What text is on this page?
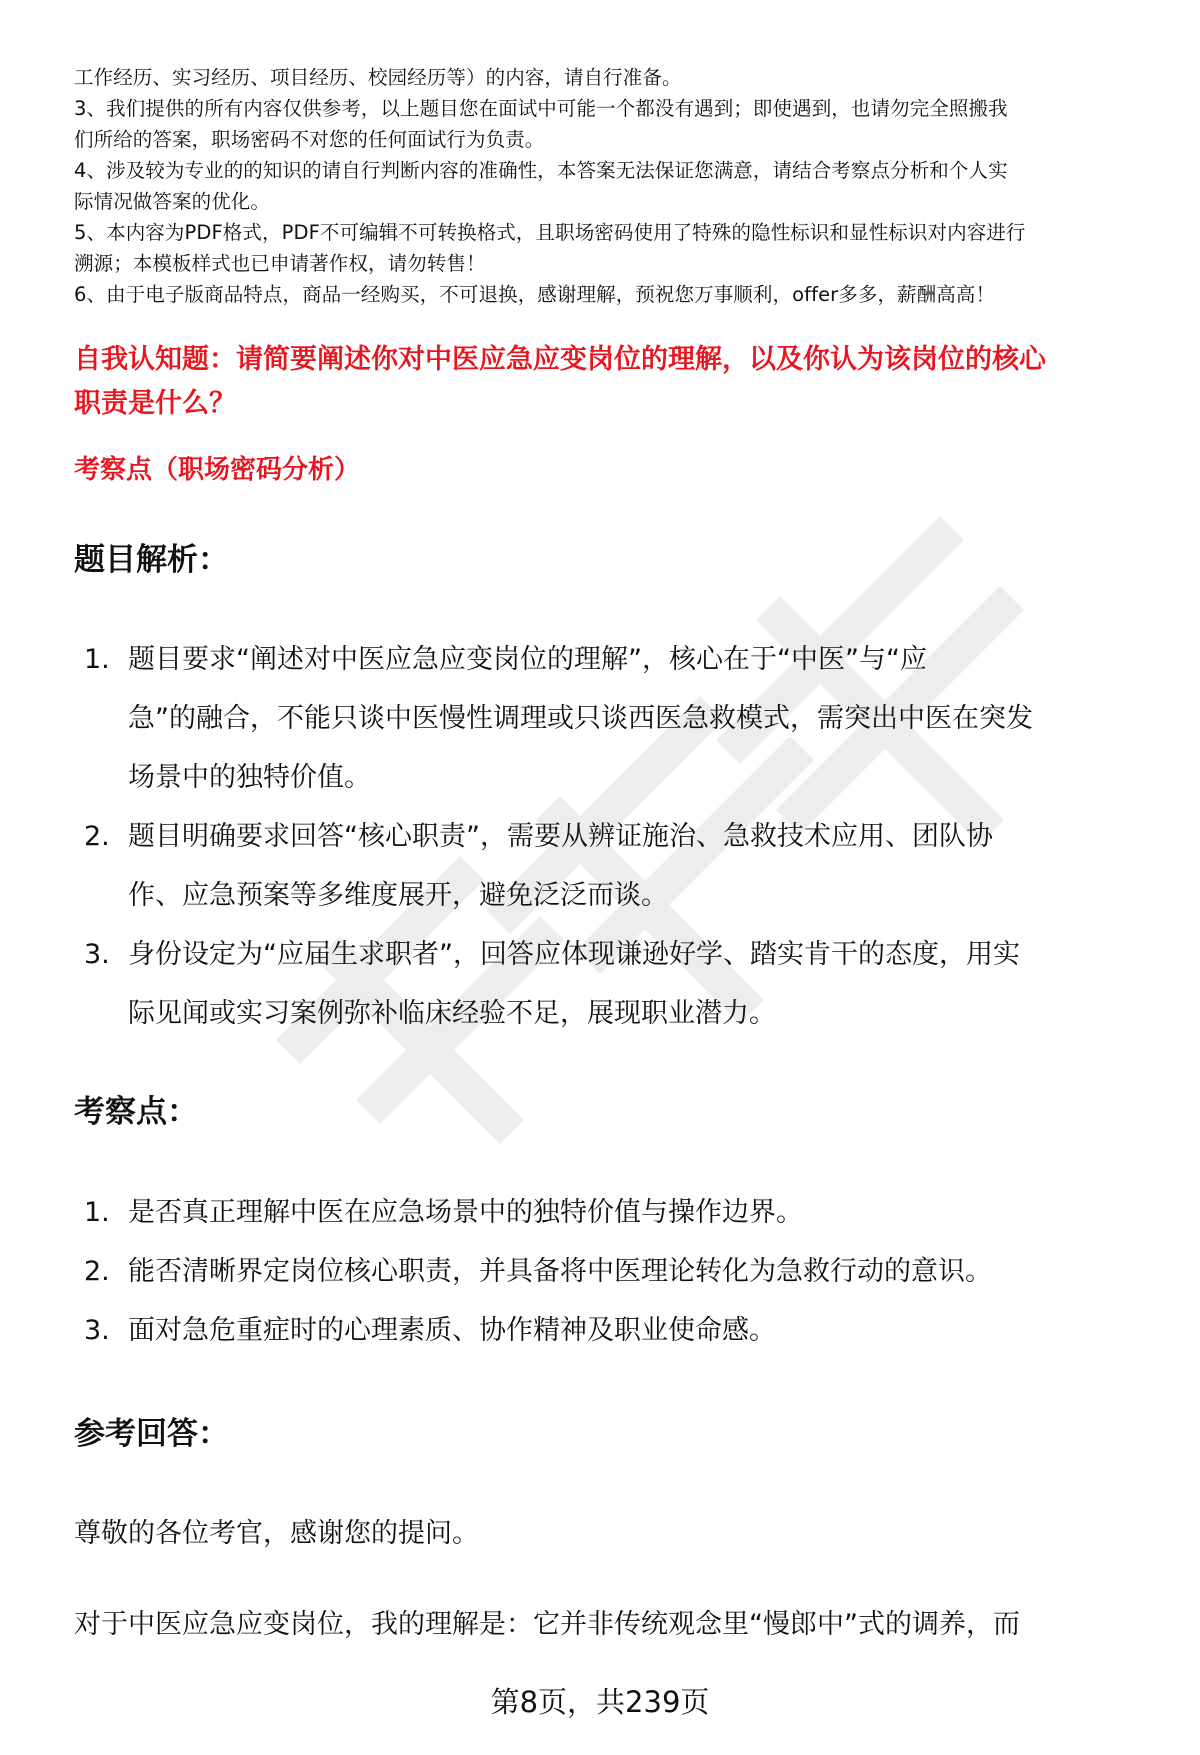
工作经历、实习经历、项目经历、校园经历等）的内容，请自行准备。

3、我们提供的所有内容仅供参考，以上题目您在面试中可能一个都没有遇到；即使遇到，也请勿完全照搬我

们所给的答案，职场密码不对您的任何面试行为负责。

4、涉及较为专业的的知识的请自行判断内容的准确性，本答案无法保证您满意，请结合考察点分析和个人实

际情况做答案的优化。

5、本内容为PDF格式，PDF不可编辑不可转换格式，且职场密码使用了特殊的隐性标识和显性标识对内容进行

溯源；本模板样式也已申请著作权，请勿转售！

6、由于电子版商品特点，商品一经购买，不可退换，感谢理解，预祝您万事顺利，offer多多，薪酬高高！

自我认知题：请简要阐述你对中医应急应变岗位的理解，以及你认为该岗位的核心
职责是什么？

考察点（职场密码分析）

题目解析：
1. 题目要求“阐述对中医应急应变岗位的理解”，核心在于“中医”与“应
急”的融合，不能只谈中医慢性调理或只谈西医急救模式，需突出中医在突发
场景中的独特价值。
2. 题目明确要求回答“核心职责”，需要从辨证施治、急救技术应用、团队协
作、应急预案等多维度展开，避免泛泛而谈。
3. 身份设定为“应届生求职者”，回答应体现谦逊好学、踏实肯干的态度，用实
际见闻或实习案例弥补临床经验不足，展现职业潜力。
考察点：
1. 是否真正理解中医在应急场景中的独特价值与操作边界。
2. 能否清晰界定岗位核心职责，并具备将中医理论转化为急救行动的意识。
3. 面对急危重症时的心理素质、协作精神及职业使命感。
参考回答：

尊敬的各位考官，感谢您的提问。

对于中医应急应变岗位，我的理解是：它并非传统观念里“慢郎中”式的调养，而

第8页，共239页
